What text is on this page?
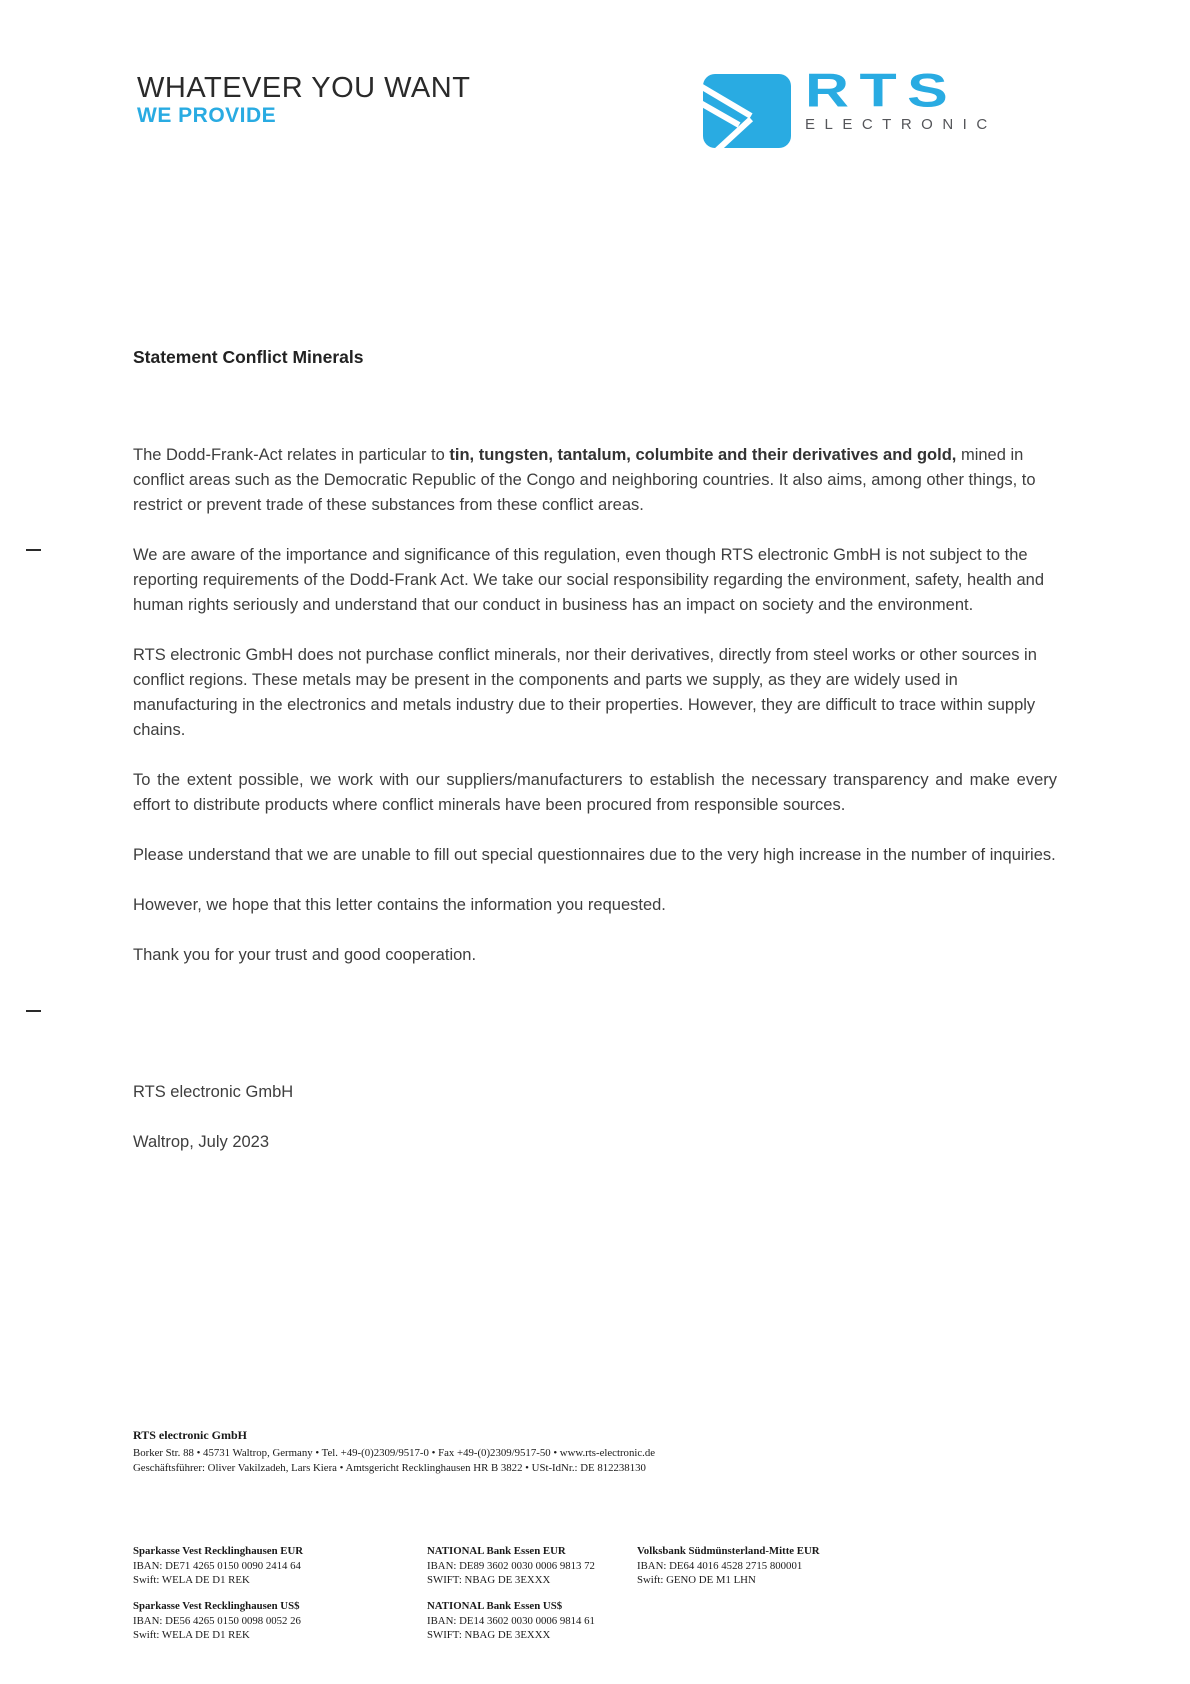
WHATEVER YOU WANT
WE PROVIDE	RTS
ELECTRONIC
Statement Conflict Minerals

The Dodd-Frank-Act relates in particular to tin, tungsten, tantalum, columbite and their derivatives and gold, mined in conflict areas such as the Democratic Republic of the Congo and neighboring countries. It also aims, among other things, to restrict or prevent trade of these substances from these conflict areas.

We are aware of the importance and significance of this regulation, even though RTS electronic GmbH is not subject to the reporting requirements of the Dodd-Frank Act. We take our social responsibility regarding the environment, safety, health and human rights seriously and understand that our conduct in business has an impact on society and the environment.

RTS electronic GmbH does not purchase conflict minerals, nor their derivatives, directly from steel works or other sources in conflict regions. These metals may be present in the components and parts we supply, as they are widely used in manufacturing in the electronics and metals industry due to their properties. However, they are difficult to trace within supply chains.

To the extent possible, we work with our suppliers/manufacturers to establish the necessary transparency and make every effort to distribute products where conflict minerals have been procured from responsible sources.

Please understand that we are unable to fill out special questionnaires due to the very high increase in the number of inquiries.

However, we hope that this letter contains the information you requested.

Thank you for your trust and good cooperation.

RTS electronic GmbH

Waltrop, July 2023

RTS electronic GmbH
Borker Str. 88 • 45731 Waltrop, Germany • Tel. +49-(0)2309/9517-0 • Fax +49-(0)2309/9517-50 • www.rts-electronic.de
Geschäftsführer: Oliver Vakilzadeh, Lars Kiera • Amtsgericht Recklinghausen HR B 3822 • USt-IdNr.: DE 812238130
Sparkasse Vest Recklinghausen EUR
IBAN: DE71 4265 0150 0090 2414 64
Swift: WELA DE D1 REK
NATIONAL Bank Essen EUR
IBAN: DE89 3602 0030 0006 9813 72
SWIFT: NBAG DE 3EXXX
Volksbank Südmünsterland-Mitte EUR
IBAN: DE64 4016 4528 2715 800001
Swift: GENO DE M1 LHN
Sparkasse Vest Recklinghausen US$
IBAN: DE56 4265 0150 0098 0052 26
Swift: WELA DE D1 REK
NATIONAL Bank Essen US$
IBAN: DE14 3602 0030 0006 9814 61
SWIFT: NBAG DE 3EXXX
